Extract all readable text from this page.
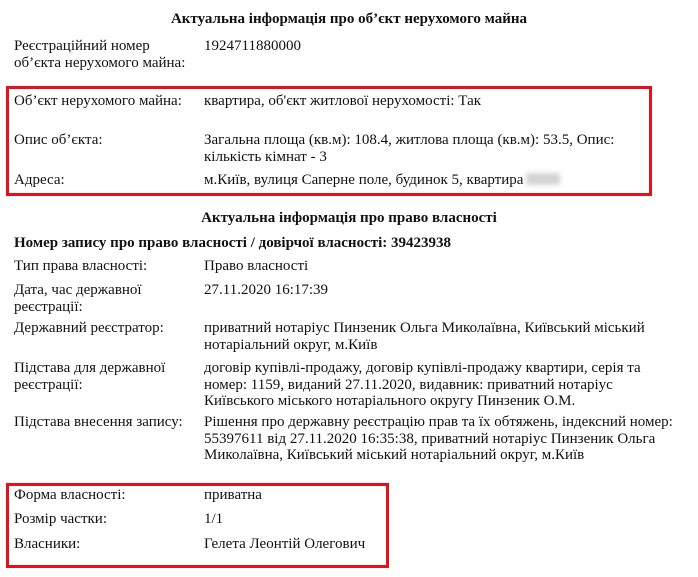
Актуальна інформація про об’єкт нерухомого майна
Реєстраційний номер об’єкта нерухомого майна:
1924711880000
Об’єкт нерухомого майна:	квартира, об'єкт житлової нерухомості: Так
Опис об’єкта:	Загальна площа (кв.м): 108.4, житлова площа (кв.м): 53.5, Опис: кількість кімнат - 3
Адреса:	м.Київ, вулиця Саперне поле, будинок 5, квартира
Актуальна інформація про право власності
Номер запису про право власності / довірчої власності: 39423938
Тип права власності:	Право власності
Дата, час державної реєстрації:
27.11.2020 16:17:39
Державний реєстратор:	приватний нотаріус Пинзеник Ольга Миколаївна, Київський міський нотаріальний округ, м.Київ
Підстава для державної реєстрації:
договір купівлі-продажу, договір купівлі-продажу квартири, серія та номер: 1159, виданий 27.11.2020, видавник: приватний нотаріус Київського міського нотаріального округу Пинзеник О.М.
Підстава внесення запису:	Рішення про державну реєстрацію прав та їх обтяжень, індексний номер: 55397611 від 27.11.2020 16:35:38, приватний нотаріус Пинзеник Ольга Миколаївна, Київський міський нотаріальний округ, м.Київ
Форма власності:	приватна
Розмір частки:	1/1
Власники:	Гелета Леонтій Олегович
